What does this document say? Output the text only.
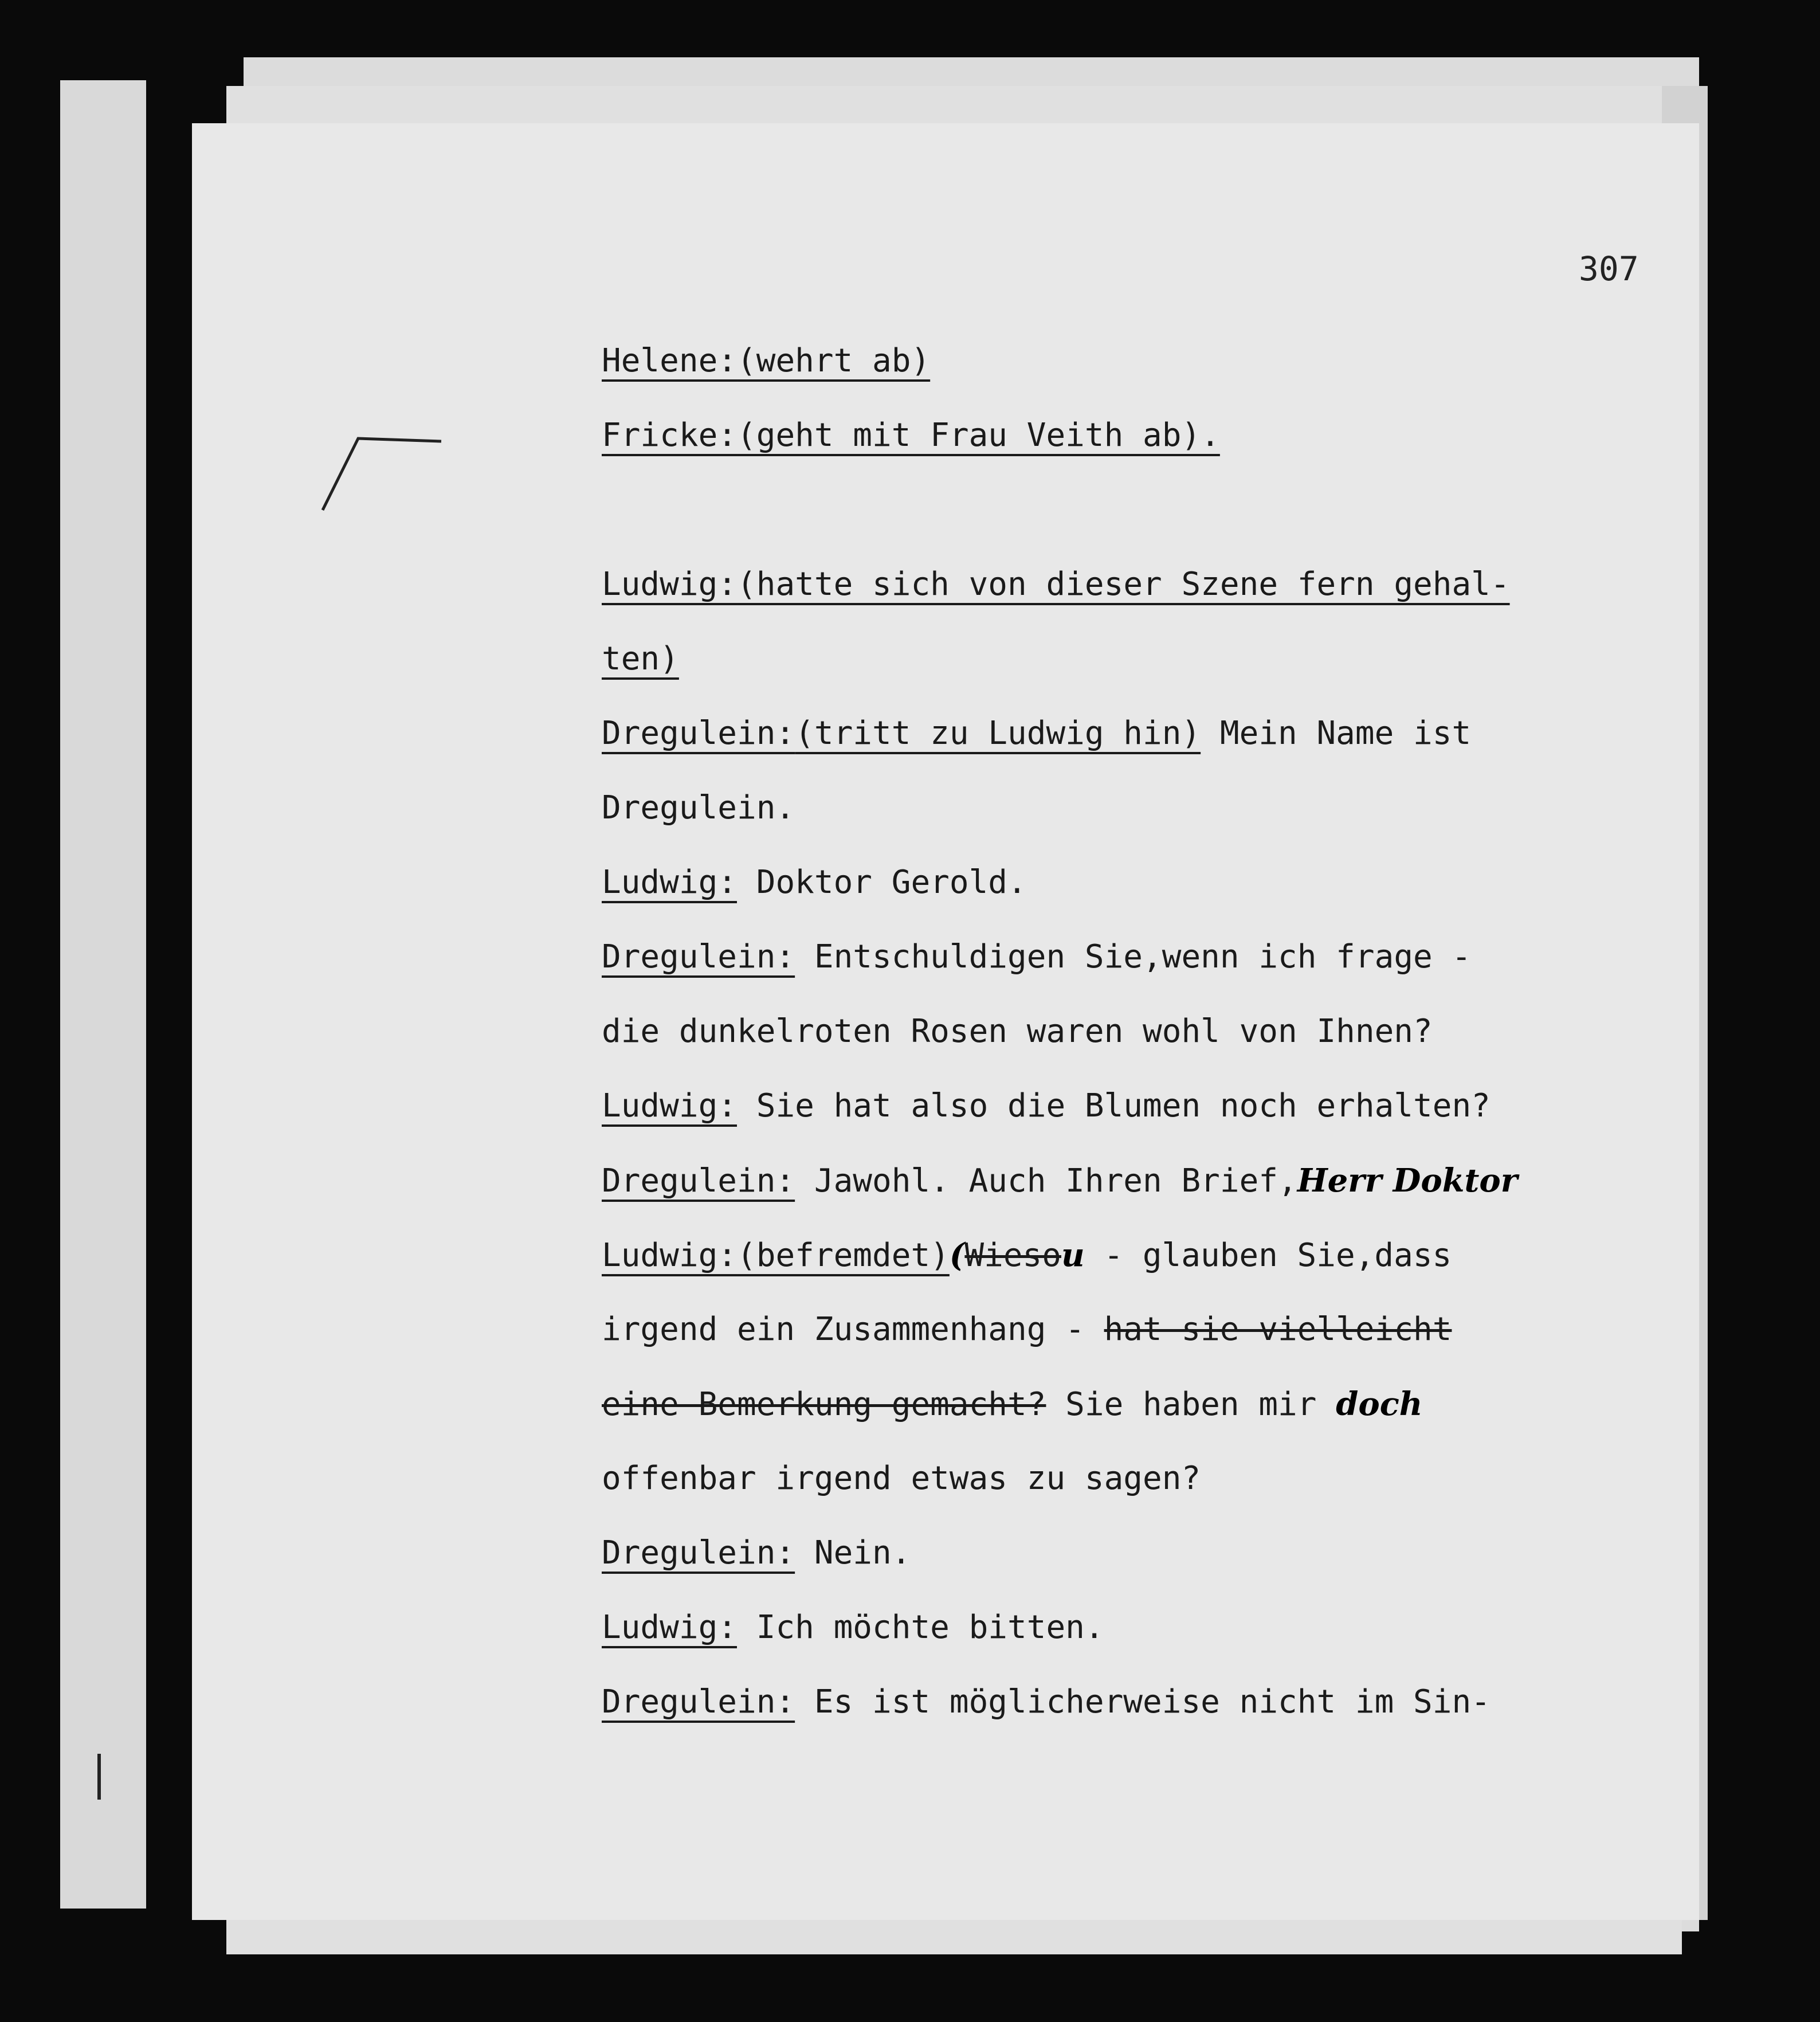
307
Helene:(wehrt ab)
Fricke:(geht mit Frau Veith ab).
Ludwig:(hatte sich von dieser Szene fern gehal-
ten)
Dregulein:(tritt zu Ludwig hin) Mein Name ist
Dregulein.
Ludwig: Doktor Gerold.
Dregulein: Entschuldigen Sie,wenn ich frage -
die dunkelroten Rosen waren wohl von Ihnen?
Ludwig: Sie hat also die Blumen noch erhalten?
Dregulein: Jawohl. Auch Ihren Brief,Herr Doktor
Ludwig:(befremdet)(Wiesou - glauben Sie,dass
irgend ein Zusammenhang - hat sie vielleicht
eine Bemerkung gemacht? Sie haben mir doch
offenbar irgend etwas zu sagen?
Dregulein: Nein.
Ludwig: Ich möchte bitten.
Dregulein: Es ist möglicherweise nicht im Sin-
